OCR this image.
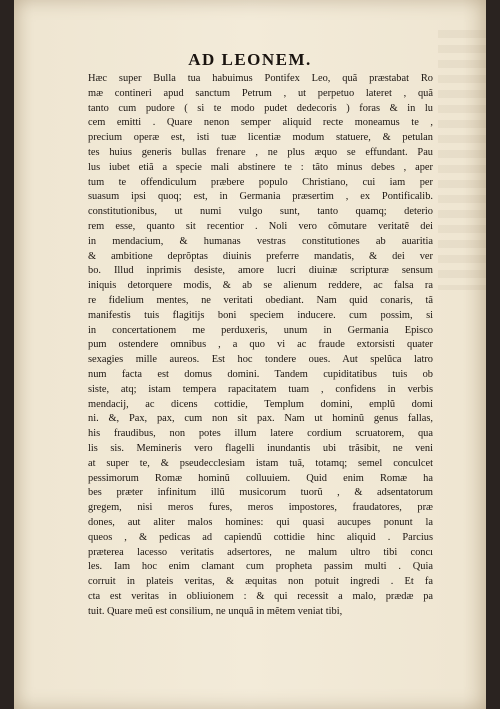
AD LEONEM.
Hæc super Bulla tua habuimus Pontifex Leo, quã præstabat Ro
mæ contineri apud sanctum Petrum , ut perpetuo lateret , quã
tanto cum pudore ( si te modo pudet dedecoris ) foras & in lu
cem emitti . Quare nenon semper aliquid recte moneamus te ,
precium operæ est, isti tuæ licentiæ modum statuere, & petulan
tes huius generis bullas frenare , ne plus æquo se effundant. Pau
lus iubet etiã a specie mali abstinere te : tãto minus debes , aper
tum te offendiculum præbere populo Christiano, cui iam per
suasum ipsi quoq; est, in Germania præsertim , ex Pontificalib.
constitutionibus, ut numi vulgo sunt, tanto quamq; deterio
rem esse, quanto sit recentior . Noli vero cõmutare veritatẽ dei
in mendacium, & humanas vestras constitutiones ab auaritia
& ambitione deprõptas diuinis preferre mandatis, & dei ver
bo. Illud inprimis desiste, amore lucri diuinæ scripturæ sensum
iniquis detorquere modis, & ab se alienum reddere, ac falsa ra
re fidelium mentes, ne veritati obediant. Nam quid conaris, tã
manifestis tuis flagitijs boni speciem inducere. cum possim, si
in concertationem me perduxeris, unum in Germania Episco
pum ostendere omnibus , a quo vi ac fraude extorsisti quater
sexagies mille aureos. Est hoc tondere oues. Aut spelũca latro
num facta est domus domini. Tandem cupiditatibus tuis ob
siste, atq; istam tempera rapacitatem tuam , confidens in verbis
mendacij, ac dicens cottidie, Templum domini, emplũ domi
ni. &, Pax, pax, cum non sit pax. Nam ut hominũ genus fallas,
his fraudibus, non potes illum latere cordium scruatorem, qua
lis sis. Memineris vero flagelli inundantis ubi trãsibit, ne veni
at super te, & pseudecclesiam istam tuã, totamq; semel conculcet
pessimorum Romæ hominũ colluuiem. Quid enim Romæ ha
bes præter infinitum illũ musicorum tuorũ , & adsentatorum
gregem, nisi meros fures, meros impostores, fraudatores, præ
dones, aut aliter malos homines: qui quasi aucupes ponunt la
queos , & pedicas ad capiendũ cottidie hinc aliquid . Parcius
præterea lacesso veritatis adsertores, ne malum ultro tibi concı
les. Iam hoc enim clamant cum propheta passim multi . Quia
corruit in plateis veritas, & æquitas non potuit ingredi . Et fa
cta est veritas in obliuionem : & qui recessit a malo, prædæ pa
tuit. Quare meũ est consilium, ne unquã in mẽtem veniat tibi,
